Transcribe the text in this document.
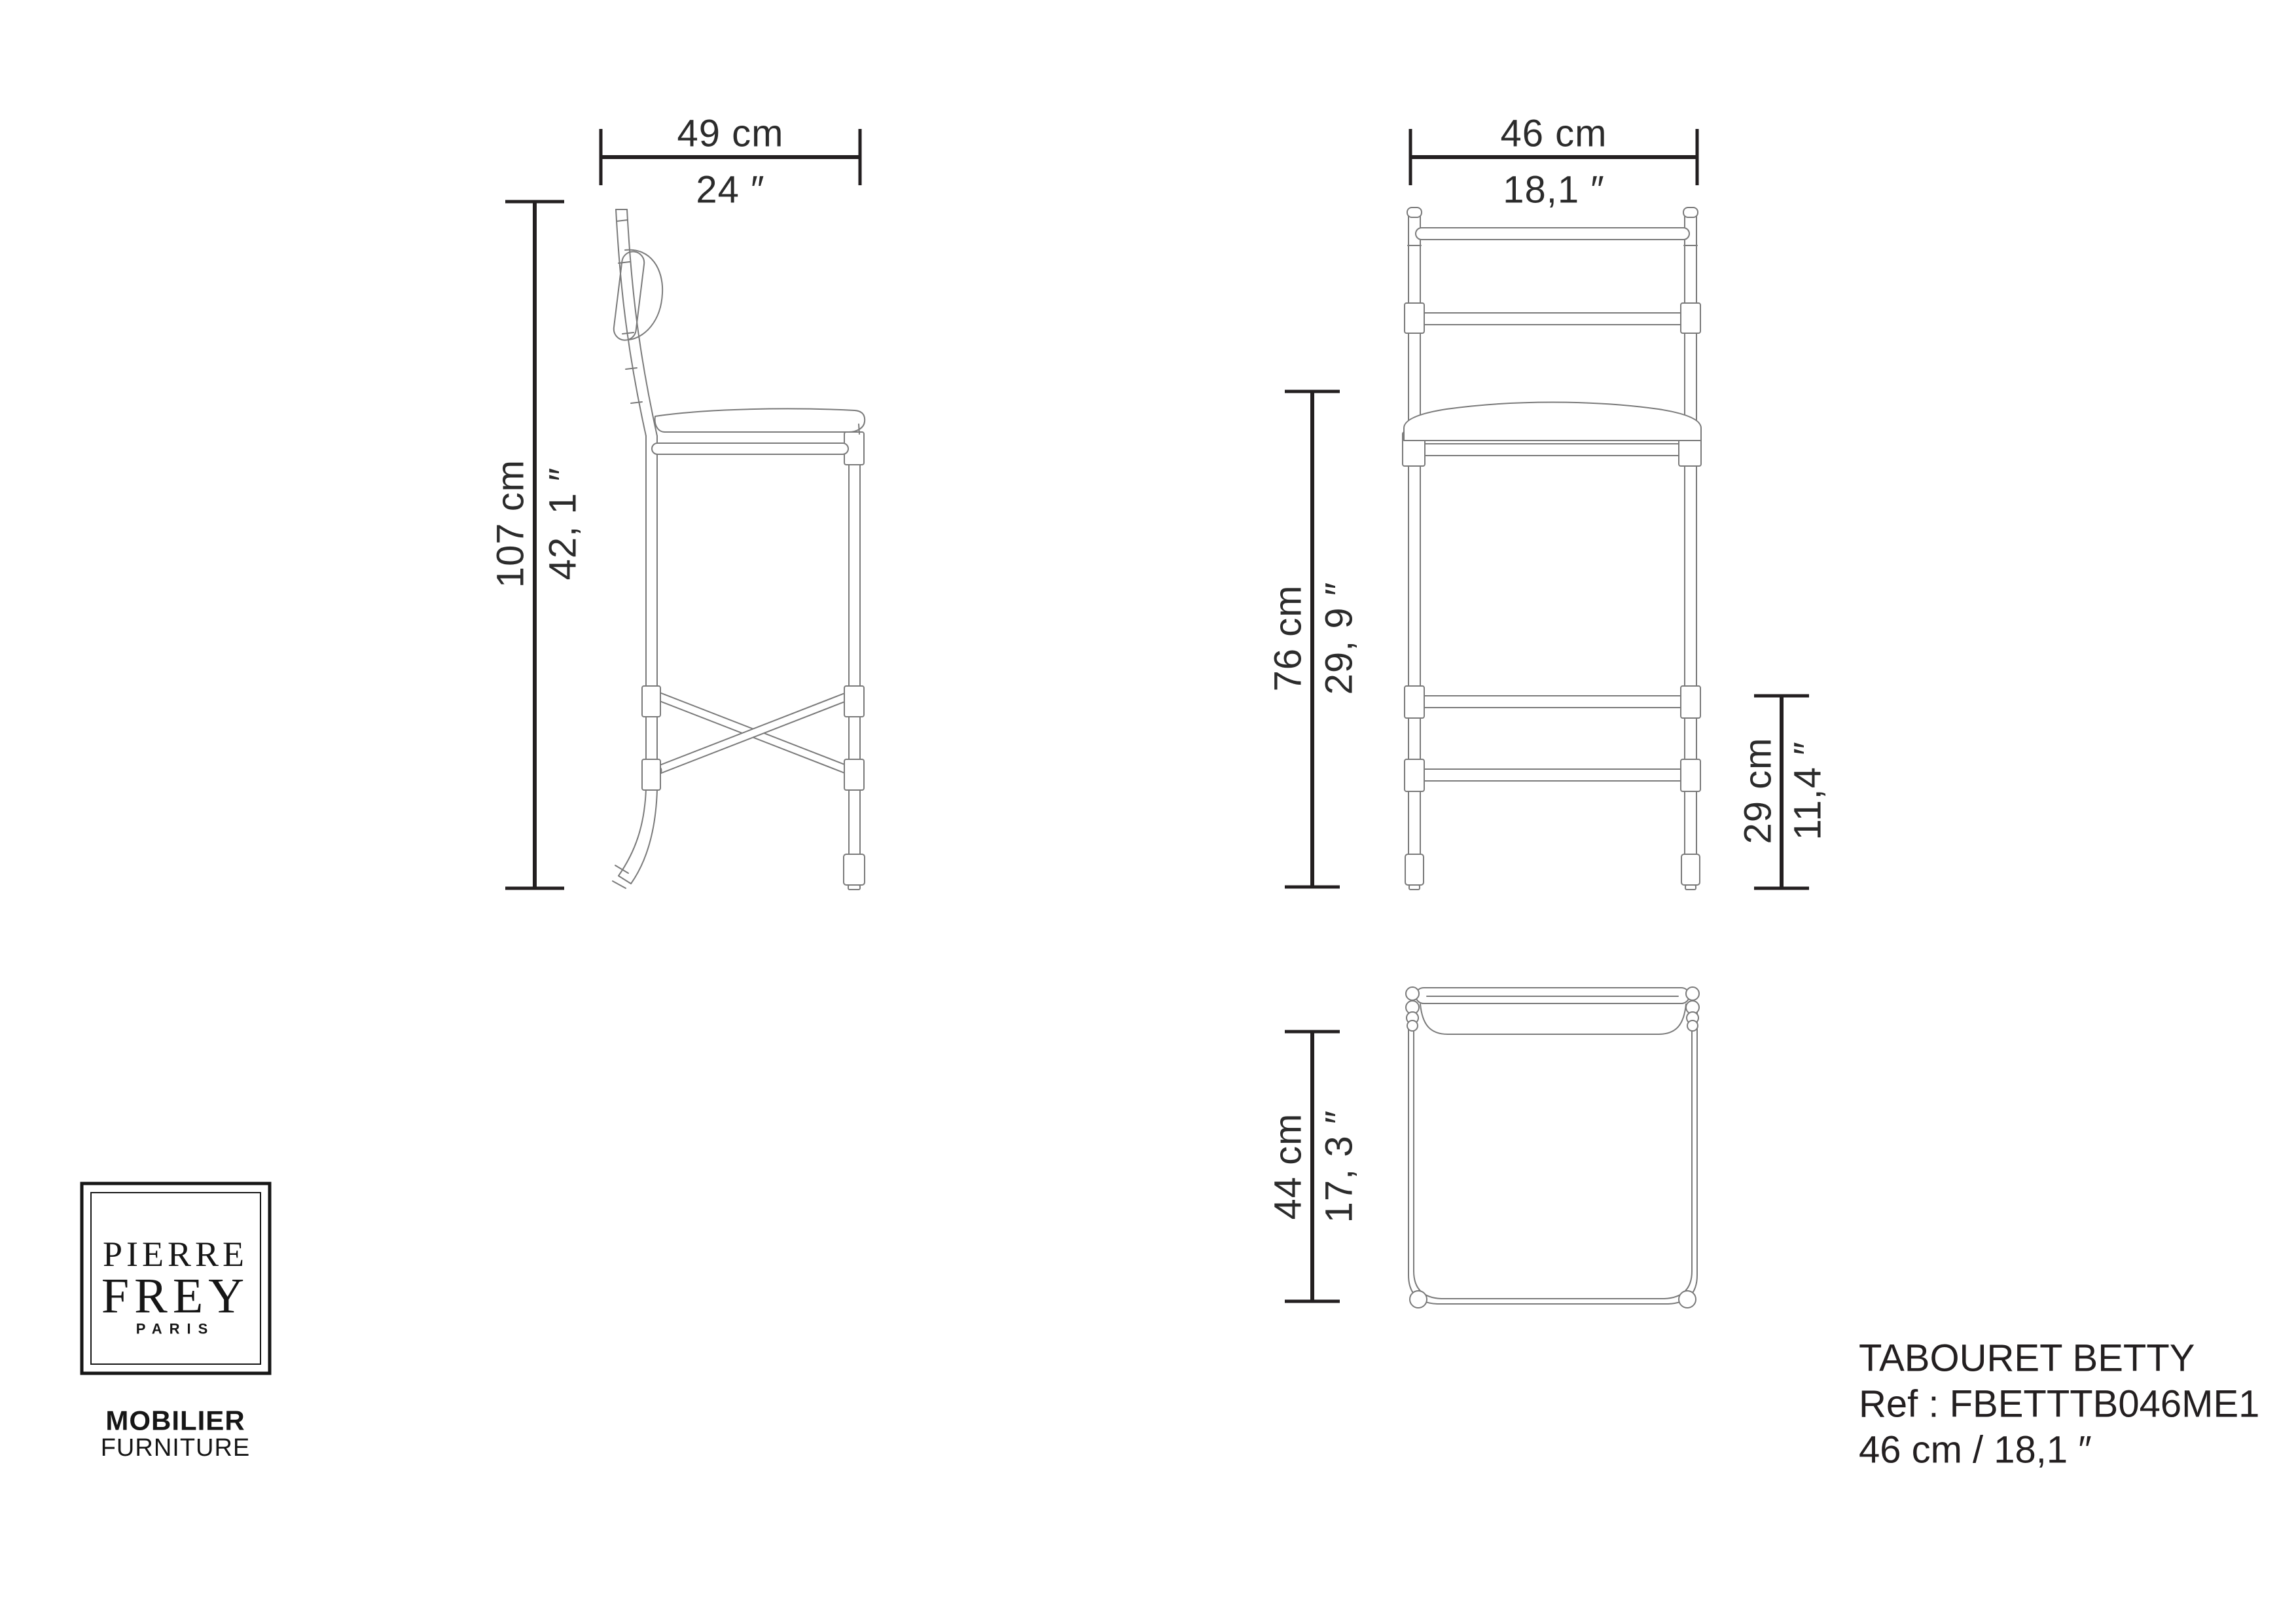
49 cm
24 ″
107 cm 42, 1 ″
46 cm
18,1 ″
76 cm 29, 9 ″
29 cm 11,4 ″
44 cm 17, 3 ″
PIERRE
FREY
PARIS
MOBILIER
FURNITURE
TABOURET BETTY
Ref : FBETTTB046ME1
46 cm / 18,1 ″
